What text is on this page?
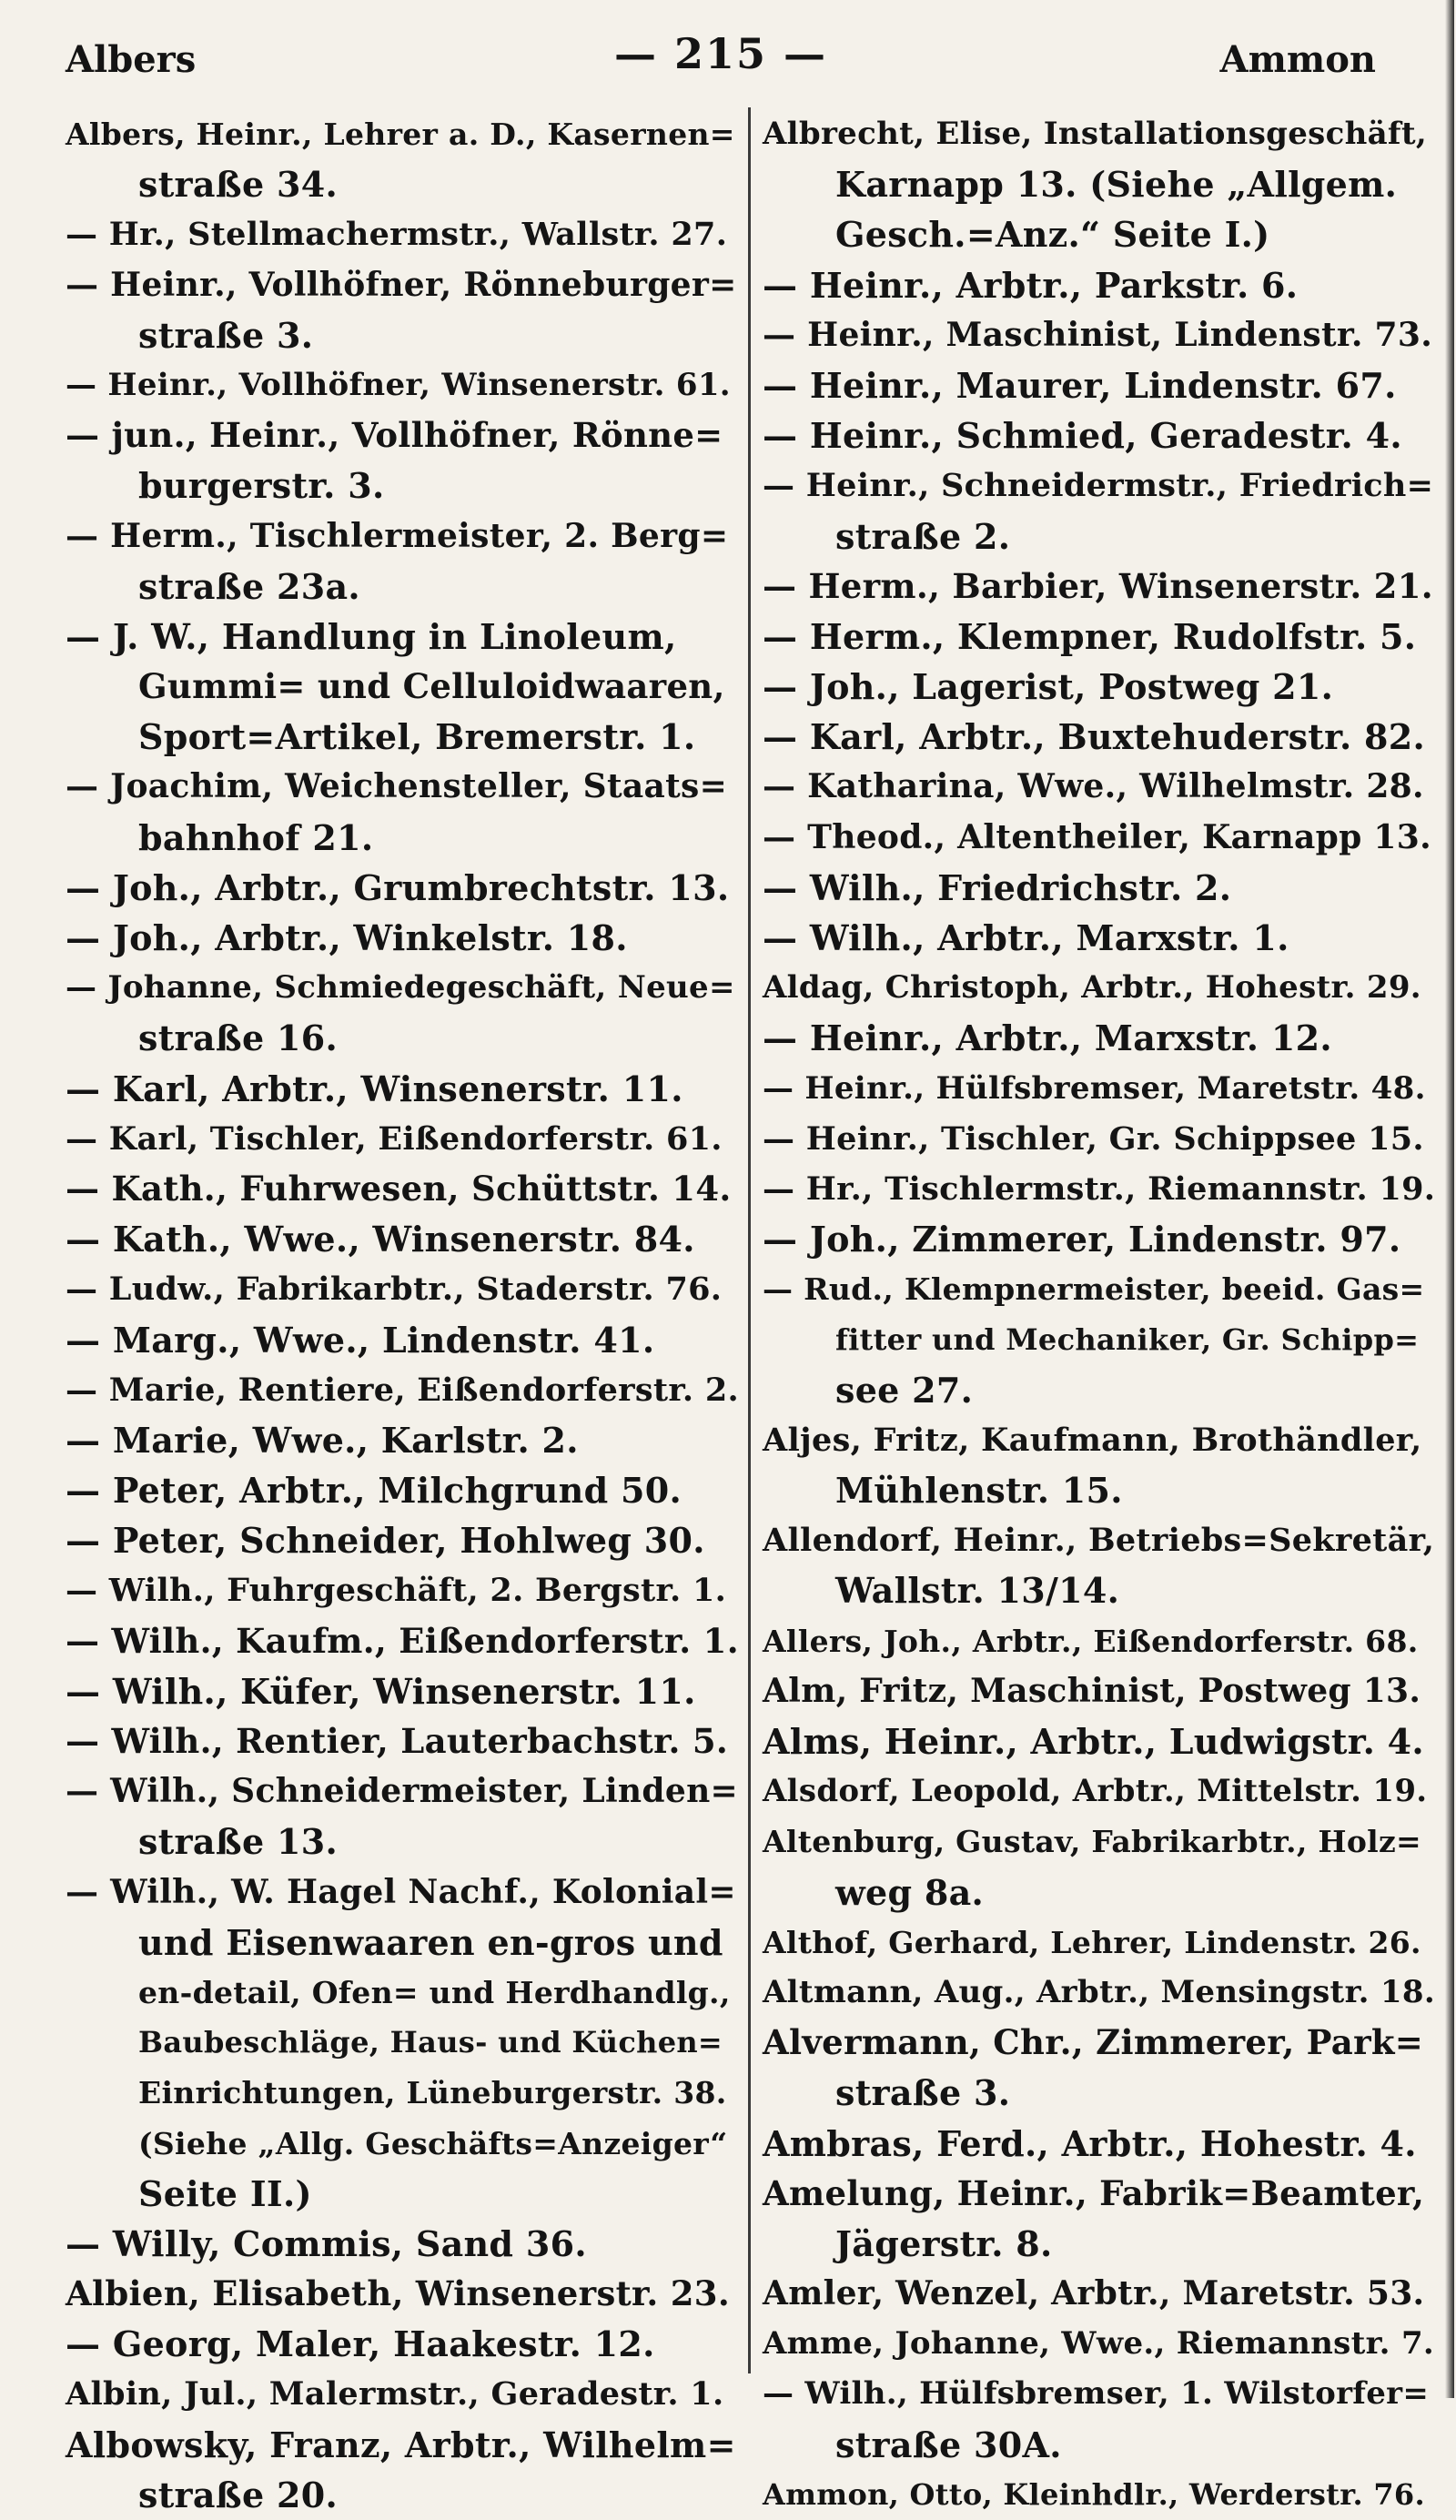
Albers	— 215 —	Ammon
Albers, Heinr., Lehrer a. D., Kasernen=
straße 34.
— Hr., Stellmachermstr., Wallstr. 27.
— Heinr., Vollhöfner, Rönneburger=
straße 3.
— Heinr., Vollhöfner, Winsenerstr. 61.
— jun., Heinr., Vollhöfner, Rönne=
burgerstr. 3.
— Herm., Tischlermeister, 2. Berg=
straße 23a.
— J. W., Handlung in Linoleum,
Gummi= und Celluloidwaaren,
Sport=Artikel, Bremerstr. 1.
— Joachim, Weichensteller, Staats=
bahnhof 21.
— Joh., Arbtr., Grumbrechtstr. 13.
— Joh., Arbtr., Winkelstr. 18.
— Johanne, Schmiedegeschäft, Neue=
straße 16.
— Karl, Arbtr., Winsenerstr. 11.
— Karl, Tischler, Eißendorferstr. 61.
— Kath., Fuhrwesen, Schüttstr. 14.
— Kath., Wwe., Winsenerstr. 84.
— Ludw., Fabrikarbtr., Staderstr. 76.
— Marg., Wwe., Lindenstr. 41.
— Marie, Rentiere, Eißendorferstr. 2.
— Marie, Wwe., Karlstr. 2.
— Peter, Arbtr., Milchgrund 50.
— Peter, Schneider, Hohlweg 30.
— Wilh., Fuhrgeschäft, 2. Bergstr. 1.
— Wilh., Kaufm., Eißendorferstr. 1.
— Wilh., Küfer, Winsenerstr. 11.
— Wilh., Rentier, Lauterbachstr. 5.
— Wilh., Schneidermeister, Linden=
straße 13.
— Wilh., W. Hagel Nachf., Kolonial=
und Eisenwaaren en-gros und
en-detail, Ofen= und Herdhandlg.,
Baubeschläge, Haus- und Küchen=
Einrichtungen, Lüneburgerstr. 38.
(Siehe „Allg. Geschäfts=Anzeiger“
Seite II.)
— Willy, Commis, Sand 36.
Albien, Elisabeth, Winsenerstr. 23.
— Georg, Maler, Haakestr. 12.
Albin, Jul., Malermstr., Geradestr. 1.
Albowsky, Franz, Arbtr., Wilhelm=
straße 20.
Albrecht, Elise, Installationsgeschäft,
Karnapp 13. (Siehe „Allgem.
Gesch.=Anz.“ Seite I.)
— Heinr., Arbtr., Parkstr. 6.
— Heinr., Maschinist, Lindenstr. 73.
— Heinr., Maurer, Lindenstr. 67.
— Heinr., Schmied, Geradestr. 4.
— Heinr., Schneidermstr., Friedrich=
straße 2.
— Herm., Barbier, Winsenerstr. 21.
— Herm., Klempner, Rudolfstr. 5.
— Joh., Lagerist, Postweg 21.
— Karl, Arbtr., Buxtehuderstr. 82.
— Katharina, Wwe., Wilhelmstr. 28.
— Theod., Altentheiler, Karnapp 13.
— Wilh., Friedrichstr. 2.
— Wilh., Arbtr., Marxstr. 1.
Aldag, Christoph, Arbtr., Hohestr. 29.
— Heinr., Arbtr., Marxstr. 12.
— Heinr., Hülfsbremser, Maretstr. 48.
— Heinr., Tischler, Gr. Schippsee 15.
— Hr., Tischlermstr., Riemannstr. 19.
— Joh., Zimmerer, Lindenstr. 97.
— Rud., Klempnermeister, beeid. Gas=
fitter und Mechaniker, Gr. Schipp=
see 27.
Aljes, Fritz, Kaufmann, Brothändler,
Mühlenstr. 15.
Allendorf, Heinr., Betriebs=Sekretär,
Wallstr. 13/14.
Allers, Joh., Arbtr., Eißendorferstr. 68.
Alm, Fritz, Maschinist, Postweg 13.
Alms, Heinr., Arbtr., Ludwigstr. 4.
Alsdorf, Leopold, Arbtr., Mittelstr. 19.
Altenburg, Gustav, Fabrikarbtr., Holz=
weg 8a.
Althof, Gerhard, Lehrer, Lindenstr. 26.
Altmann, Aug., Arbtr., Mensingstr. 18.
Alvermann, Chr., Zimmerer, Park=
straße 3.
Ambras, Ferd., Arbtr., Hohestr. 4.
Amelung, Heinr., Fabrik=Beamter,
Jägerstr. 8.
Amler, Wenzel, Arbtr., Maretstr. 53.
Amme, Johanne, Wwe., Riemannstr. 7.
— Wilh., Hülfsbremser, 1. Wilstorfer=
straße 30A.
Ammon, Otto, Kleinhdlr., Werderstr. 76.
